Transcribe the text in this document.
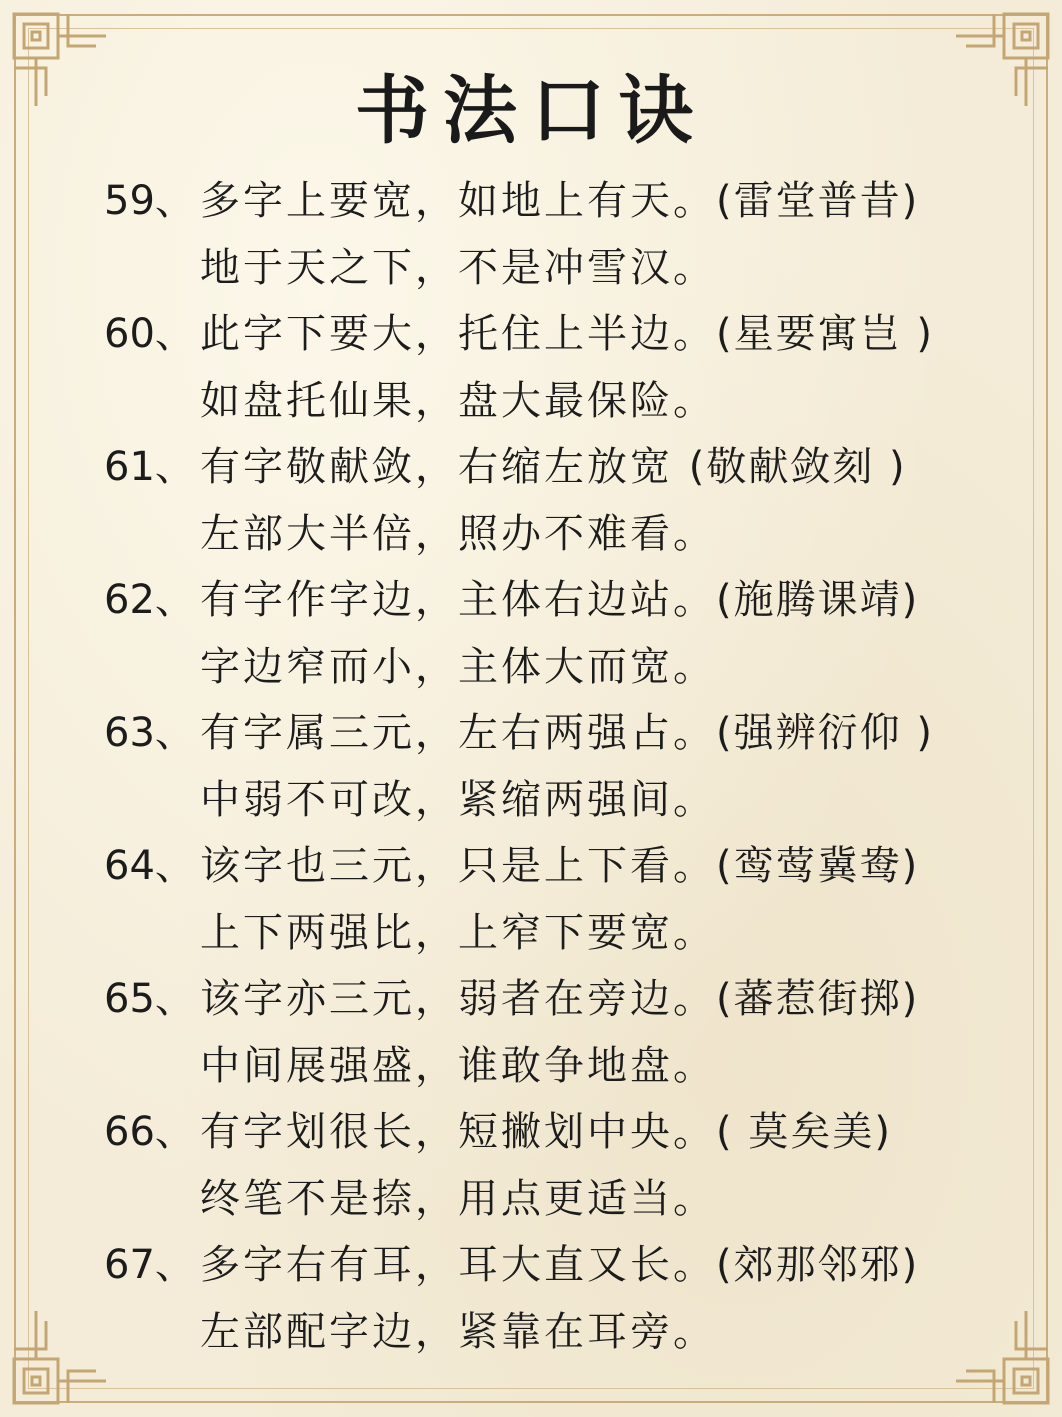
书法口诀
59、 多字上要宽，如地上有天。(雷堂普昔)
地于天之下，不是冲雪汉。
60、 此字下要大，托住上半边。(星要寓岂 )
如盘托仙果，盘大最保险。
61、 有字敬献敛，右缩左放宽 (敬献敛刻 )
左部大半倍，照办不难看。
62、 有字作字边，主体右边站。(施腾课靖)
字边窄而小，主体大而宽。
63、 有字属三元，左右两强占。(强辨衍仰 )
中弱不可改，紧缩两强间。
64、 该字也三元，只是上下看。(鸾莺冀鸯)
上下两强比，上窄下要宽。
65、 该字亦三元，弱者在旁边。(蕃惹街掷)
中间展强盛，谁敢争地盘。
66、 有字划很长，短撇划中央。( 莫矣美)
终笔不是捺，用点更适当。
67、 多字右有耳，耳大直又长。(郊那邻邪)
左部配字边，紧靠在耳旁。
